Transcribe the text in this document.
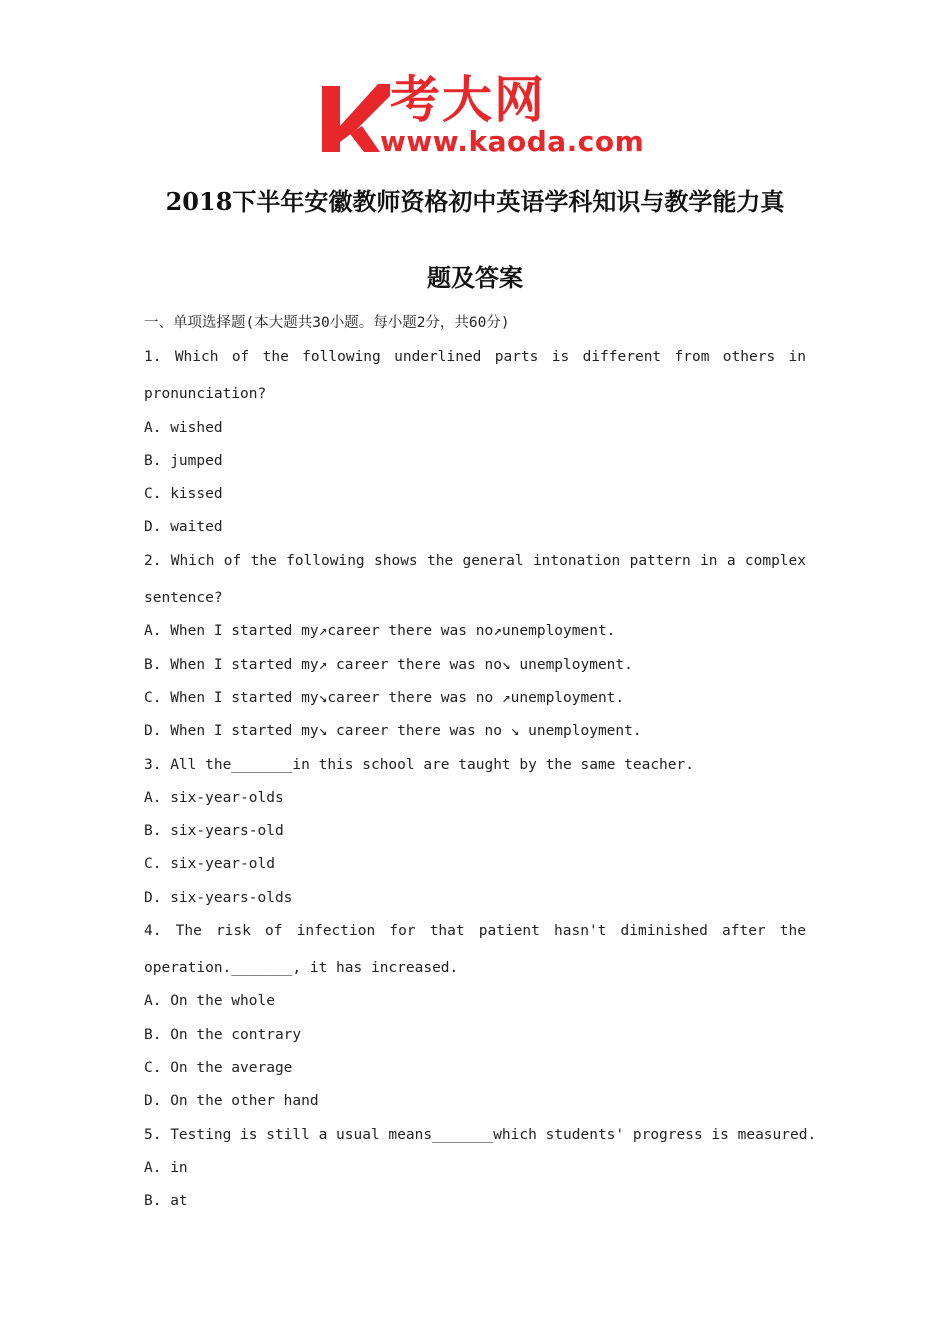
考大网
www.kaoda.com
2018下半年安徽教师资格初中英语学科知识与教学能力真
题及答案
一、单项选择题(本大题共30小题。每小题2分，共60分)
1. Which of the following underlined parts is different from others in
pronunciation?
A. wished
B. jumped
C. kissed
D. waited
2. Which of the following shows the general intonation pattern in a complex
sentence?
A. When I started my↗career there was no↗unemployment.
B. When I started my↗ career there was no↘ unemployment.
C. When I started my↘career there was no ↗unemployment.
D. When I started my↘ career there was no ↘ unemployment.
3. All the_______in this school are taught by the same teacher.
A. six-year-olds
B. six-years-old
C. six-year-old
D. six-years-olds
4. The risk of infection for that patient hasn't diminished after the
operation._______, it has increased.
A. On the whole
B. On the contrary
C. On the average
D. On the other hand
5. Testing is still a usual means_______which students' progress is measured.
A. in
B. at
